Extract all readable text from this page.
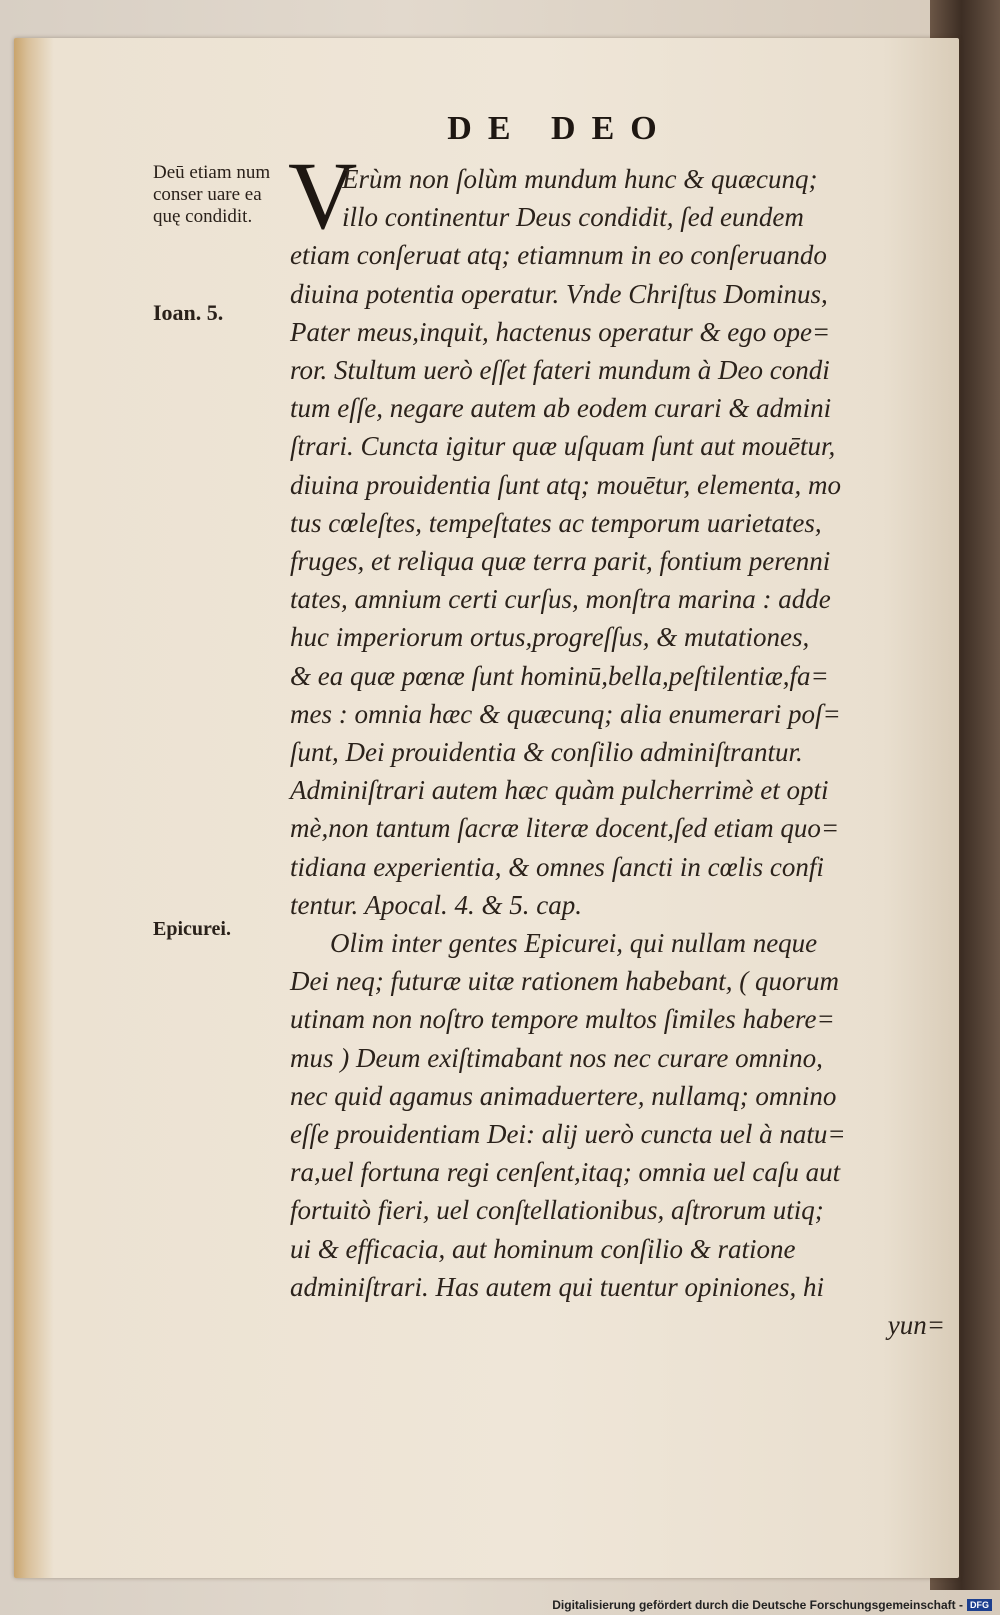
DE DEO
Deū etiam num conser uare ea quę condidit.
Ioan. 5.
Epicurei.
V
Erùm non ſolùm mundum hunc & quæcunq;
illo continentur Deus condidit, ſed eundem
etiam conſeruat atq; etiamnum in eo conſeruando
diuina potentia operatur. Vnde Chriſtus Dominus,
Pater meus,inquit, hactenus operatur & ego ope=
ror. Stultum uerò eſſet fateri mundum à Deo condi
tum eſſe, negare autem ab eodem curari & admini
ſtrari. Cuncta igitur quæ uſquam ſunt aut mouētur,
diuina prouidentia ſunt atq; mouētur, elementa, mo
tus cœleſtes, tempeſtates ac temporum uarietates,
fruges, et reliqua quæ terra parit, fontium perenni
tates, amnium certi curſus, monſtra marina : adde
huc imperiorum ortus,progreſſus, & mutationes,
& ea quæ pœnæ ſunt hominū,bella,peſtilentiæ,fa=
mes : omnia hæc & quæcunq; alia enumerari poſ=
ſunt, Dei prouidentia & conſilio adminiſtrantur.
Adminiſtrari autem hæc quàm pulcherrimè et opti
mè,non tantum ſacræ literæ docent,ſed etiam quo=
tidiana experientia, & omnes ſancti in cœlis confi
tentur. Apocal. 4. & 5. cap.
Olim inter gentes Epicurei, qui nullam neque
Dei neq; futuræ uitæ rationem habebant, ( quorum
utinam non noſtro tempore multos ſimiles habere=
mus ) Deum exiſtimabant nos nec curare omnino,
nec quid agamus animaduertere, nullamq; omnino
eſſe prouidentiam Dei: alij uerò cuncta uel à natu=
ra,uel fortuna regi cenſent,itaq; omnia uel caſu aut
fortuitò fieri, uel conſtellationibus, aſtrorum utiq;
ui & efficacia, aut hominum conſilio & ratione
adminiſtrari. Has autem qui tuentur opiniones, hi
yun=
Digitalisierung gefördert durch die Deutsche Forschungsgemeinschaft - DFG
